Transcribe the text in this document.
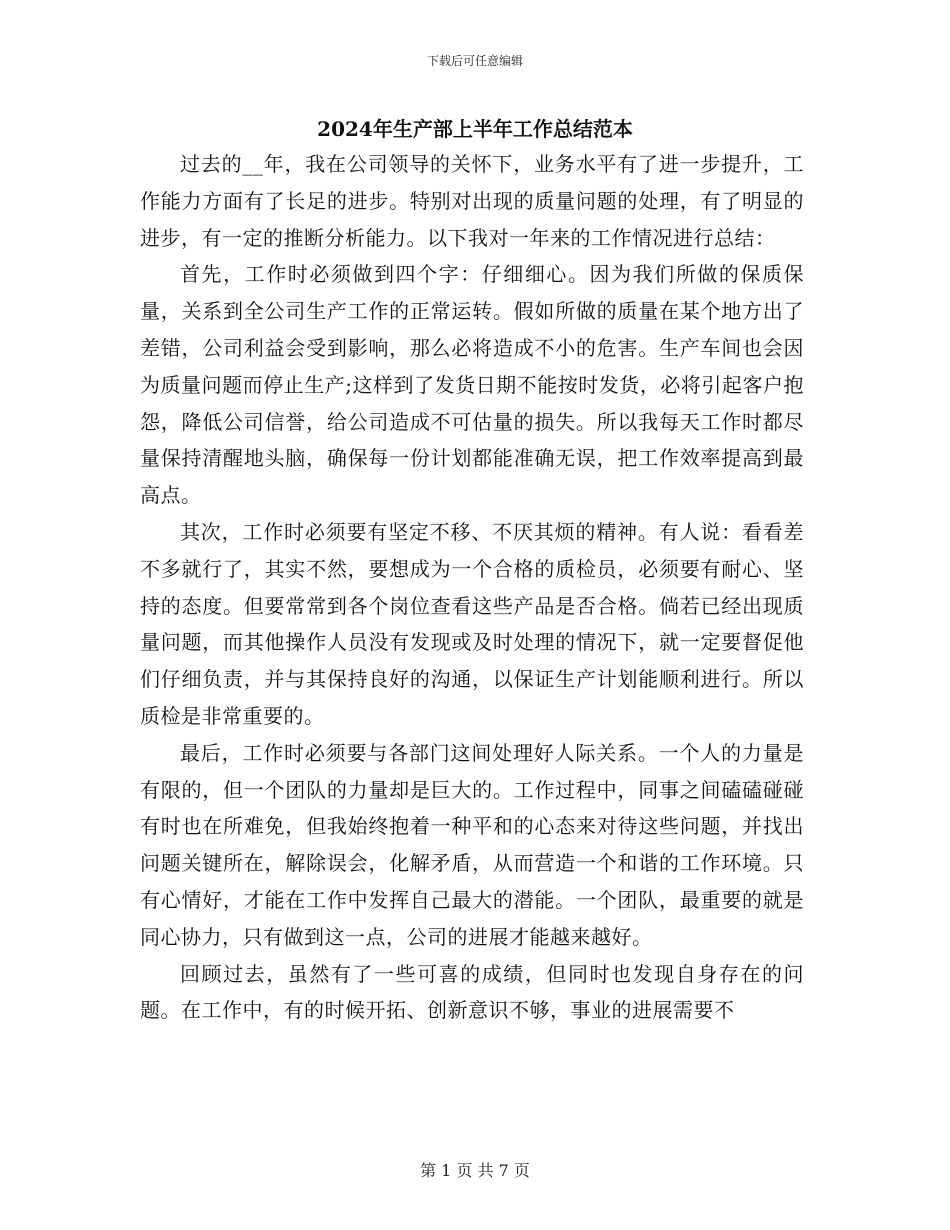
下载后可任意编辑
2024年生产部上半年工作总结范本

过去的__年，我在公司领导的关怀下，业务水平有了进一步提升，工作能力方面有了长足的进步。特别对出现的质量问题的处理，有了明显的进步，有一定的推断分析能力。以下我对一年来的工作情况进行总结：

首先，工作时必须做到四个字：仔细细心。因为我们所做的保质保量，关系到全公司生产工作的正常运转。假如所做的质量在某个地方出了差错，公司利益会受到影响，那么必将造成不小的危害。生产车间也会因为质量问题而停止生产;这样到了发货日期不能按时发货，必将引起客户抱怨，降低公司信誉，给公司造成不可估量的损失。所以我每天工作时都尽量保持清醒地头脑，确保每一份计划都能准确无误，把工作效率提高到最高点。

其次，工作时必须要有坚定不移、不厌其烦的精神。有人说：看看差不多就行了，其实不然，要想成为一个合格的质检员，必须要有耐心、坚持的态度。但要常常到各个岗位查看这些产品是否合格。倘若已经出现质量问题，而其他操作人员没有发现或及时处理的情况下，就一定要督促他们仔细负责，并与其保持良好的沟通，以保证生产计划能顺利进行。所以质检是非常重要的。

最后，工作时必须要与各部门这间处理好人际关系。一个人的力量是有限的，但一个团队的力量却是巨大的。工作过程中，同事之间磕磕碰碰有时也在所难免，但我始终抱着一种平和的心态来对待这些问题，并找出问题关键所在，解除误会，化解矛盾，从而营造一个和谐的工作环境。只有心情好，才能在工作中发挥自己最大的潜能。一个团队，最重要的就是同心协力，只有做到这一点，公司的进展才能越来越好。

回顾过去，虽然有了一些可喜的成绩，但同时也发现自身存在的问题。在工作中，有的时候开拓、创新意识不够，事业的进展需要不

第 1 页 共 7 页
